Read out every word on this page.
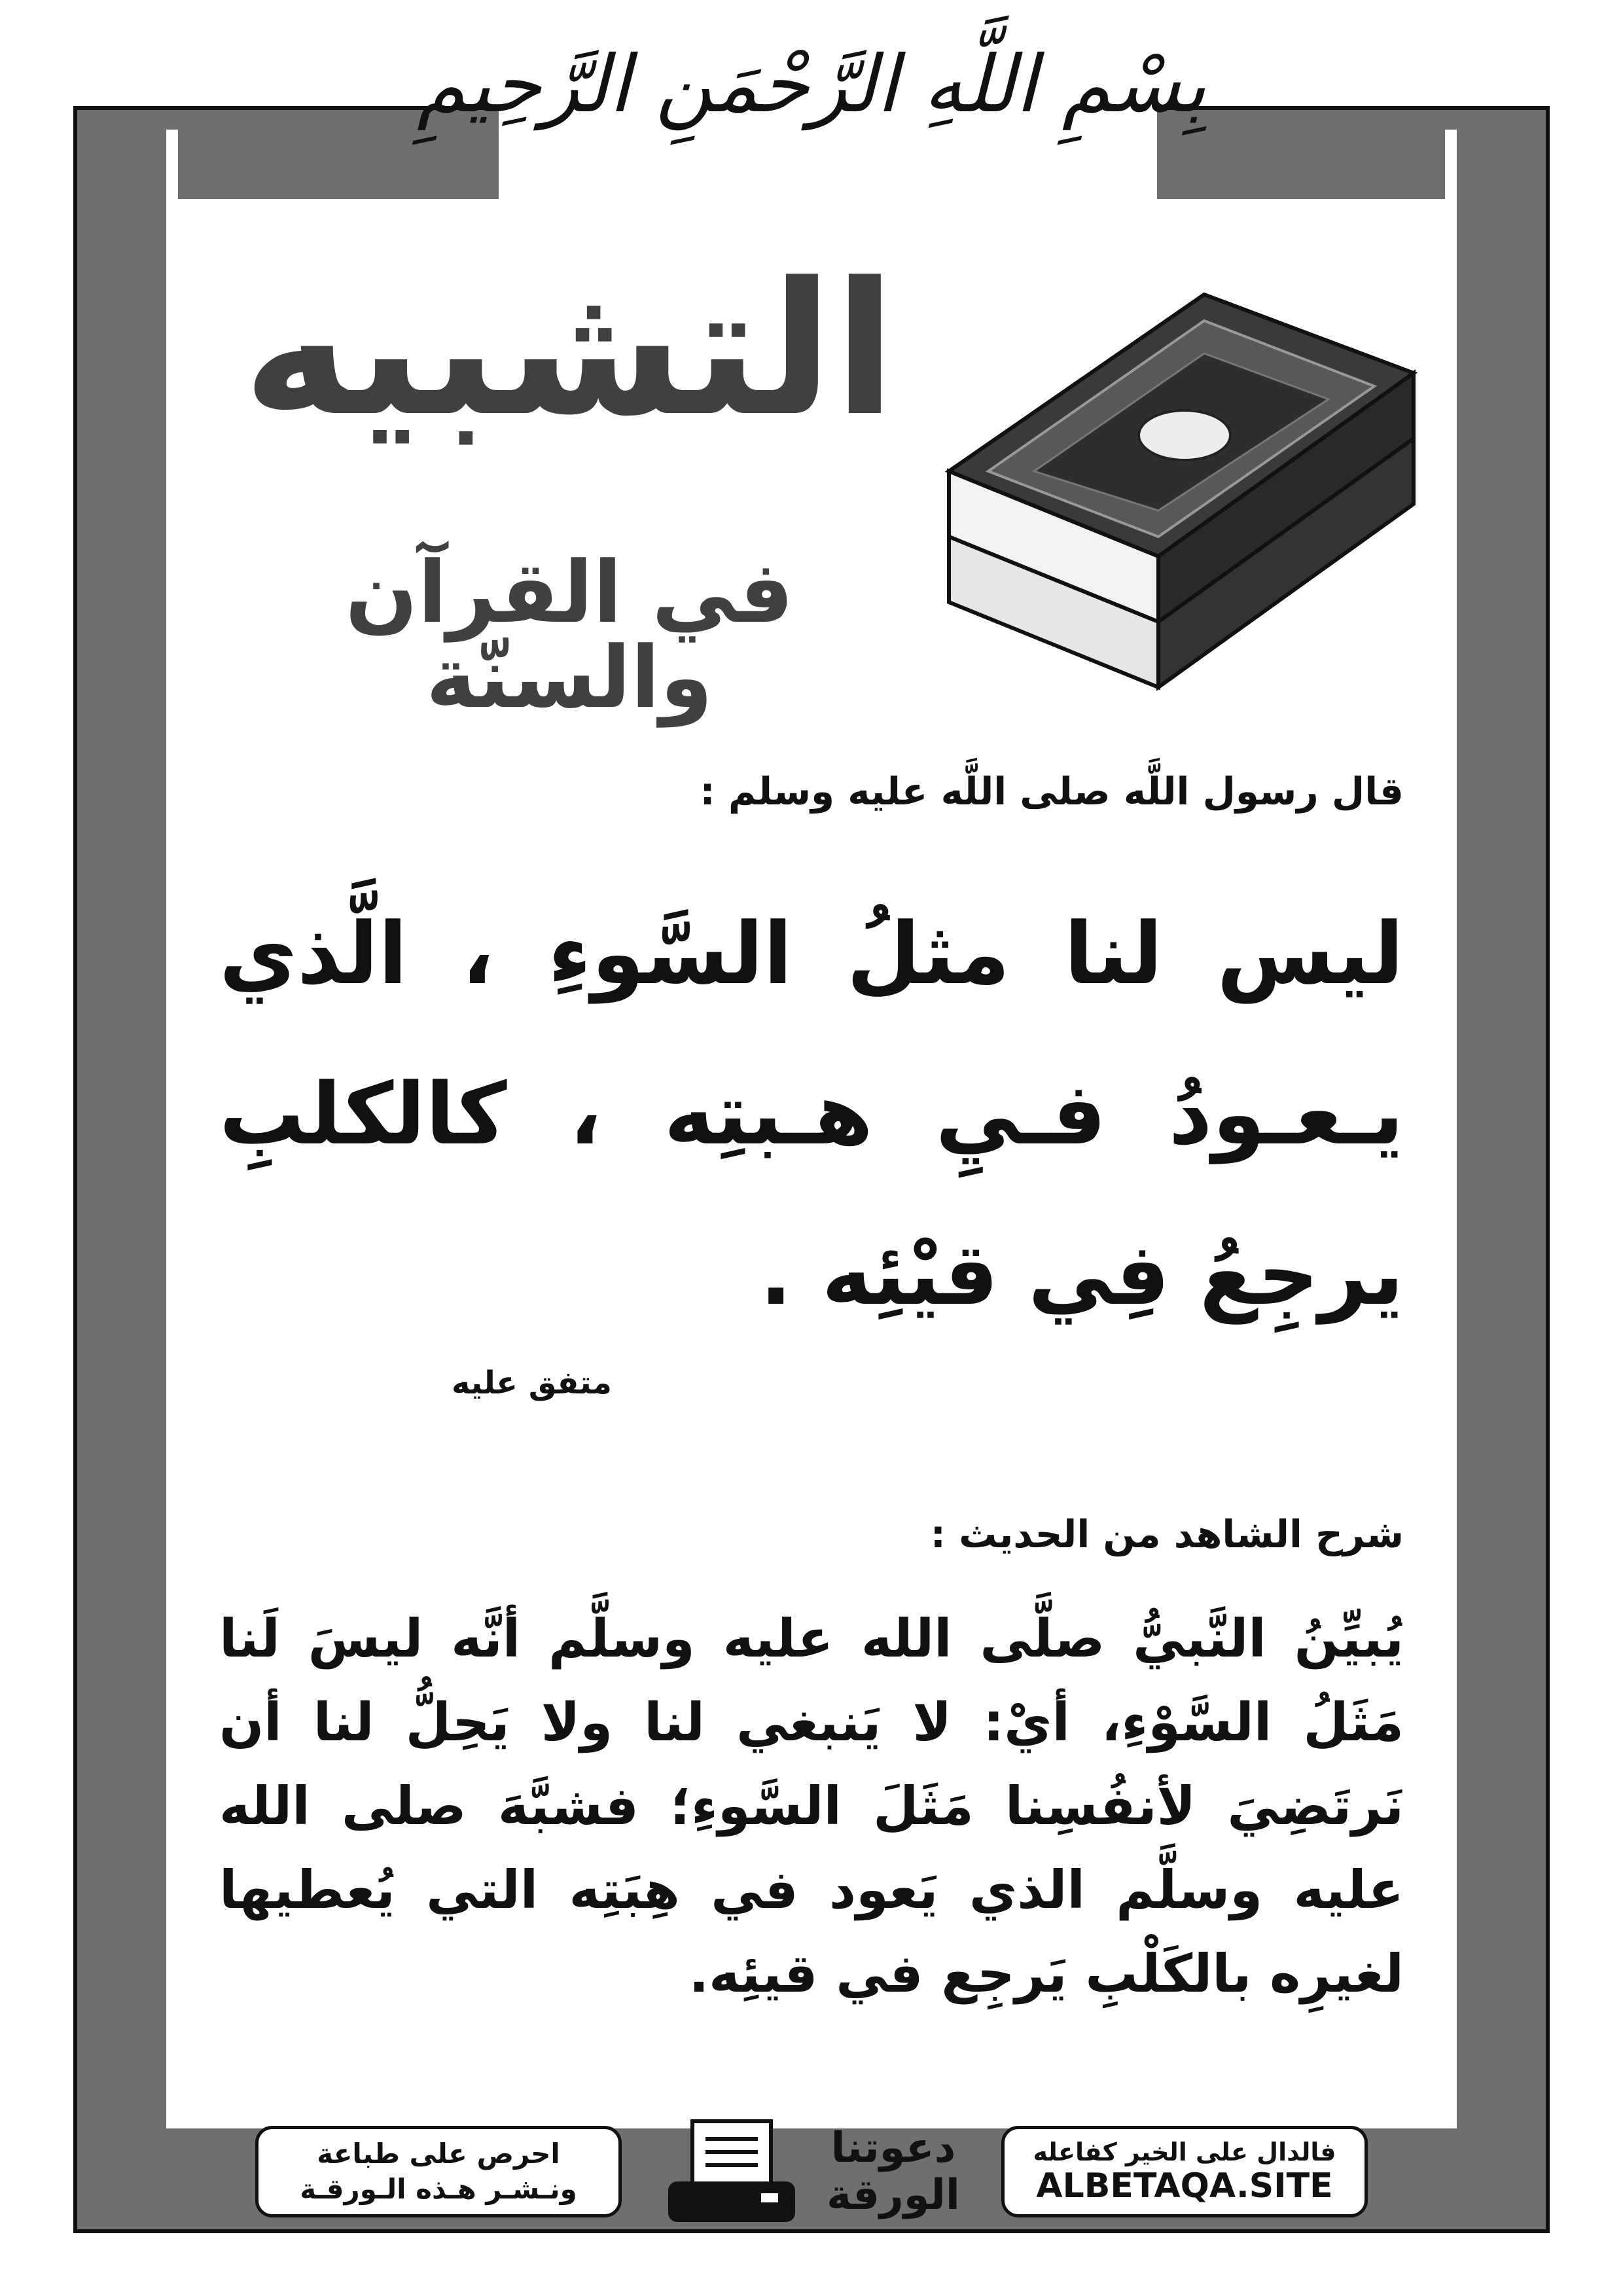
بِسْمِ اللَّهِ الرَّحْمَنِ الرَّحِيمِ
التشبيه
في القرآن والسنّة
قال رسول اللَّه صلى اللَّه عليه وسلم :
ليس لنا مثلُ السَّوءِ ، الَّذي يـعـودُ فـيِ هـبتِه ، كالكلبِ يرجِعُ فِي قيْئِه .
متفق عليه
شرح الشاهد من الحديث :
يُبيِّنُ النَّبيُّ صلَّى الله عليه وسلَّم أنَّه ليسَ لَنا مَثَلُ السَّوْءِ، أيْ: لا يَنبغي لنا ولا يَحِلُّ لنا أن نَرتَضِيَ لأنفُسِنا مَثَلَ السَّوءِ؛ فشبَّهَ صلى الله عليه وسلَّم الذي يَعود في هِبَتِه التي يُعطيها لغيرِه بالكَلْبِ يَرجِع في قيئِه.
احرص على طباعة
ونـشـر هـذه الـورقـة
دعوتنا
الورقة
فالدال على الخير كفاعله
ALBETAQA.SITE
